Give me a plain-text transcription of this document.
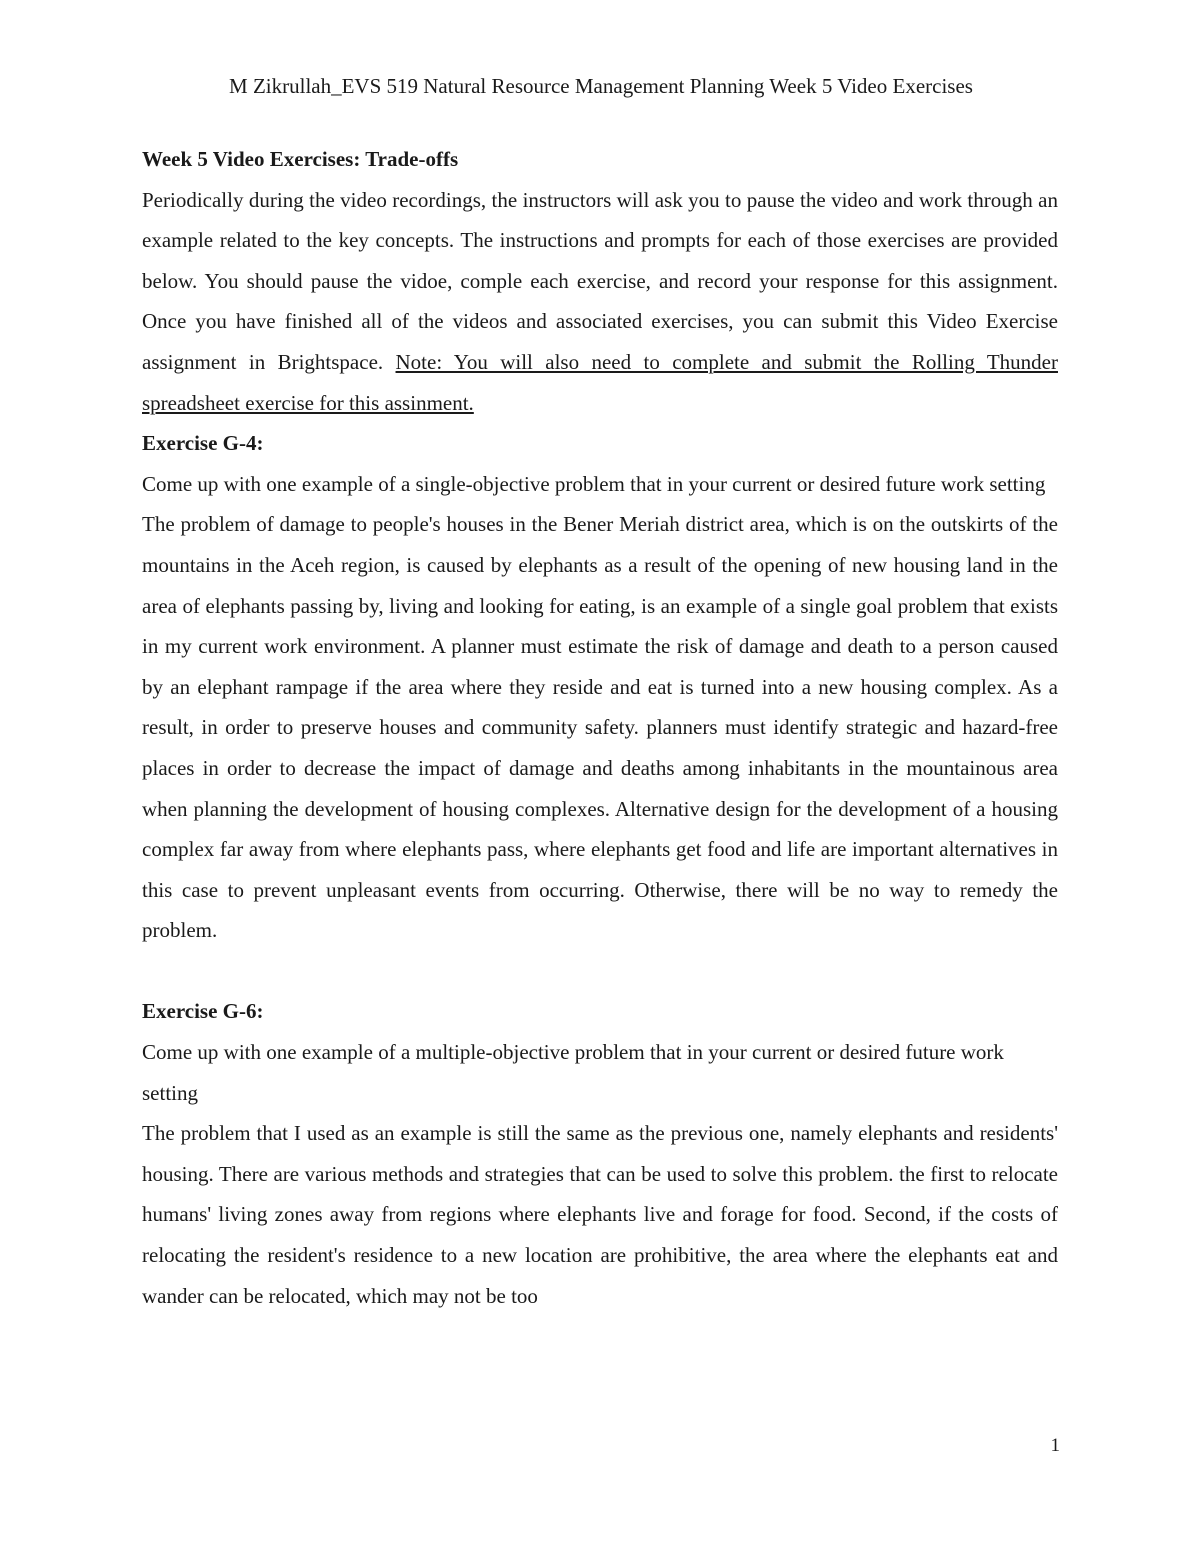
M Zikrullah_EVS 519 Natural Resource Management Planning Week 5 Video Exercises

Week 5 Video Exercises: Trade-offs

Periodically during the video recordings, the instructors will ask you to pause the video and work through an example related to the key concepts. The instructions and prompts for each of those exercises are provided below. You should pause the vidoe, comple each exercise, and record your response for this assignment. Once you have finished all of the videos and associated exercises, you can submit this Video Exercise assignment in Brightspace. Note: You will also need to complete and submit the Rolling Thunder spreadsheet exercise for this assinment.

Exercise G-4:

Come up with one example of a single-objective problem that in your current or desired future work setting

The problem of damage to people's houses in the Bener Meriah district area, which is on the outskirts of the mountains in the Aceh region, is caused by elephants as a result of the opening of new housing land in the area of elephants passing by, living and looking for eating, is an example of a single goal problem that exists in my current work environment. A planner must estimate the risk of damage and death to a person caused by an elephant rampage if the area where they reside and eat is turned into a new housing complex. As a result, in order to preserve houses and community safety. planners must identify strategic and hazard-free places in order to decrease the impact of damage and deaths among inhabitants in the mountainous area when planning the development of housing complexes. Alternative design for the development of a housing complex far away from where elephants pass, where elephants get food and life are important alternatives in this case to prevent unpleasant events from occurring. Otherwise, there will be no way to remedy the problem.

Exercise G-6:

Come up with one example of a multiple-objective problem that in your current or desired future work setting

The problem that I used as an example is still the same as the previous one, namely elephants and residents' housing. There are various methods and strategies that can be used to solve this problem. the first to relocate humans' living zones away from regions where elephants live and forage for food. Second, if the costs of relocating the resident's residence to a new location are prohibitive, the area where the elephants eat and wander can be relocated, which may not be too

1
